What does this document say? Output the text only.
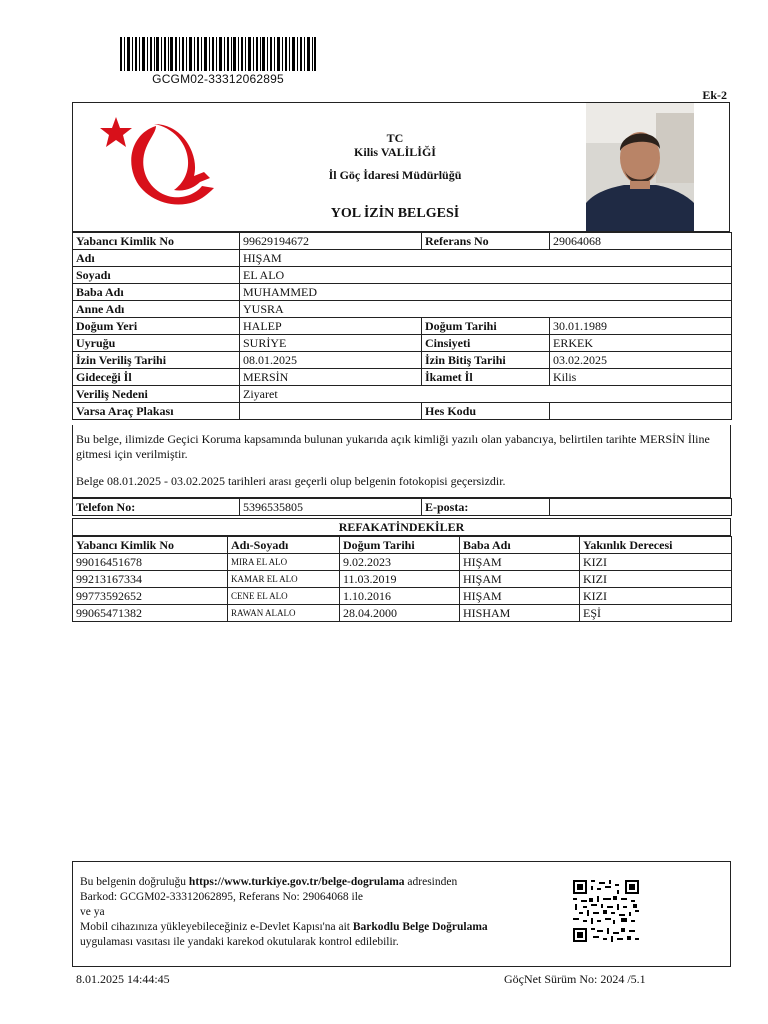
GCGM02-33312062895
Ek-2
TC
Kilis VALİLİĞİ
İl Göç İdaresi Müdürlüğü
YOL İZİN BELGESİ
Yabancı Kimlik No	99629194672	Referans No	29064068
Adı	HIŞAM		
Soyadı	EL ALO		
Baba Adı	MUHAMMED		
Anne Adı	YUSRA		
Doğum Yeri	HALEP	Doğum Tarihi	30.01.1989
Uyruğu	SURİYE	Cinsiyeti	ERKEK
İzin Veriliş Tarihi	08.01.2025	İzin Bitiş Tarihi	03.02.2025
Gideceği İl	MERSİN	İkamet İl	Kilis
Veriliş Nedeni	Ziyaret		
Varsa Araç Plakası		Hes Kodu	
Bu belge, ilimizde Geçici Koruma kapsamında bulunan yukarıda açık kimliği yazılı olan yabancıya, belirtilen tarihte MERSİN İline gitmesi için verilmiştir.
Belge 08.01.2025 - 03.02.2025 tarihleri arası geçerli olup belgenin fotokopisi geçersizdir.
Telefon No:	5396535805	E-posta:	
REFAKATİNDEKİLER
Yabancı Kimlik No	Adı-Soyadı	Doğum Tarihi	Baba Adı	Yakınlık Derecesi
99016451678	MIRA EL ALO	9.02.2023	HIŞAM	KIZI
99213167334	KAMAR EL ALO	11.03.2019	HIŞAM	KIZI
99773592652	CENE EL ALO	1.10.2016	HIŞAM	KIZI
99065471382	RAWAN ALALO	28.04.2000	HISHAM	EŞİ
Bu belgenin doğruluğu https://www.turkiye.gov.tr/belge-dogrulama adresinden
Barkod: GCGM02-33312062895, Referans No: 29064068 ile
ve ya
Mobil cihazınıza yükleyebileceğiniz e-Devlet Kapısı'na ait Barkodlu Belge Doğrulama
uygulaması vasıtası ile yandaki karekod okutularak kontrol edilebilir.
8.01.2025 14:44:45	GöçNet Sürüm No: 2024 /5.1
